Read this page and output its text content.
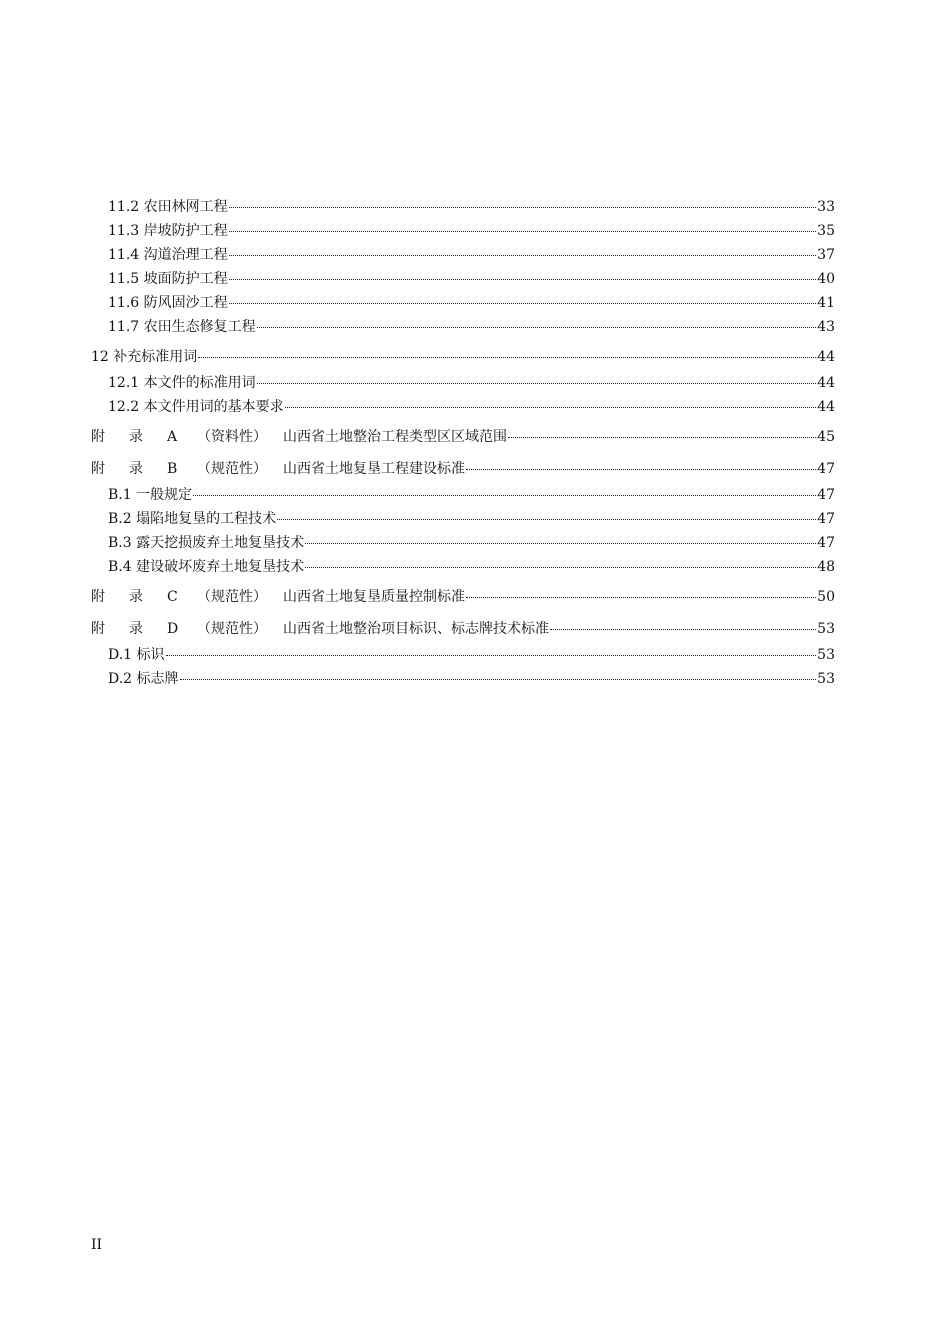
11.2 农田林网工程	33
11.3 岸坡防护工程	35
11.4 沟道治理工程	37
11.5 坡面防护工程	40
11.6 防风固沙工程	41
11.7 农田生态修复工程	43
12 补充标准用词	44
12.1 本文件的标准用词	44
12.2 本文件用词的基本要求	44
附	录	A	（资料性）	山西省土地整治工程类型区区域范围	45
附	录	B	（规范性）	山西省土地复垦工程建设标准	47
B.1 一般规定	47
B.2 塌陷地复垦的工程技术	47
B.3 露天挖损废弃土地复垦技术	47
B.4 建设破坏废弃土地复垦技术	48
附	录	C	（规范性）	山西省土地复垦质量控制标准	50
附	录	D	（规范性）	山西省土地整治项目标识、标志牌技术标准	53
D.1 标识	53
D.2 标志牌	53
II
